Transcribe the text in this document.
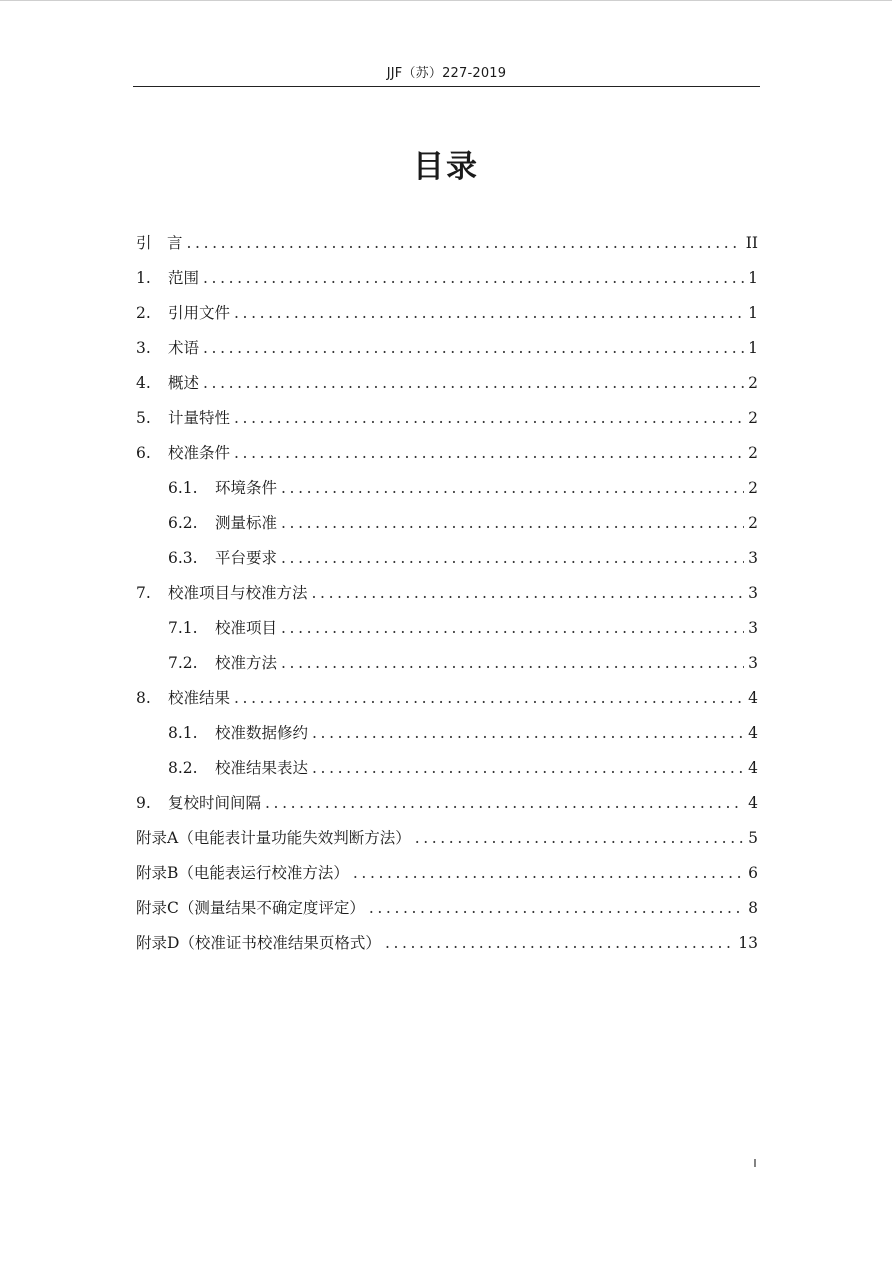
JJF（苏）227-2019
目录
引　言 .....	II
1. 范围 .....	1
2. 引用文件 .....	1
3. 术语 .....	1
4. 概述 .....	2
5. 计量特性 .....	2
6. 校准条件 .....	2
6.1. 环境条件 .....	2
6.2. 测量标准 .....	2
6.3. 平台要求 .....	3
7. 校准项目与校准方法 .....	3
7.1. 校准项目 .....	3
7.2. 校准方法 .....	3
8. 校准结果 .....	4
8.1. 校准数据修约 .....	4
8.2. 校准结果表达 .....	4
9. 复校时间间隔 .....	4
附录A（电能表计量功能失效判断方法） .....	5
附录B（电能表运行校准方法） .....	6
附录C（测量结果不确定度评定） .....	8
附录D（校准证书校准结果页格式） .....	13
I
